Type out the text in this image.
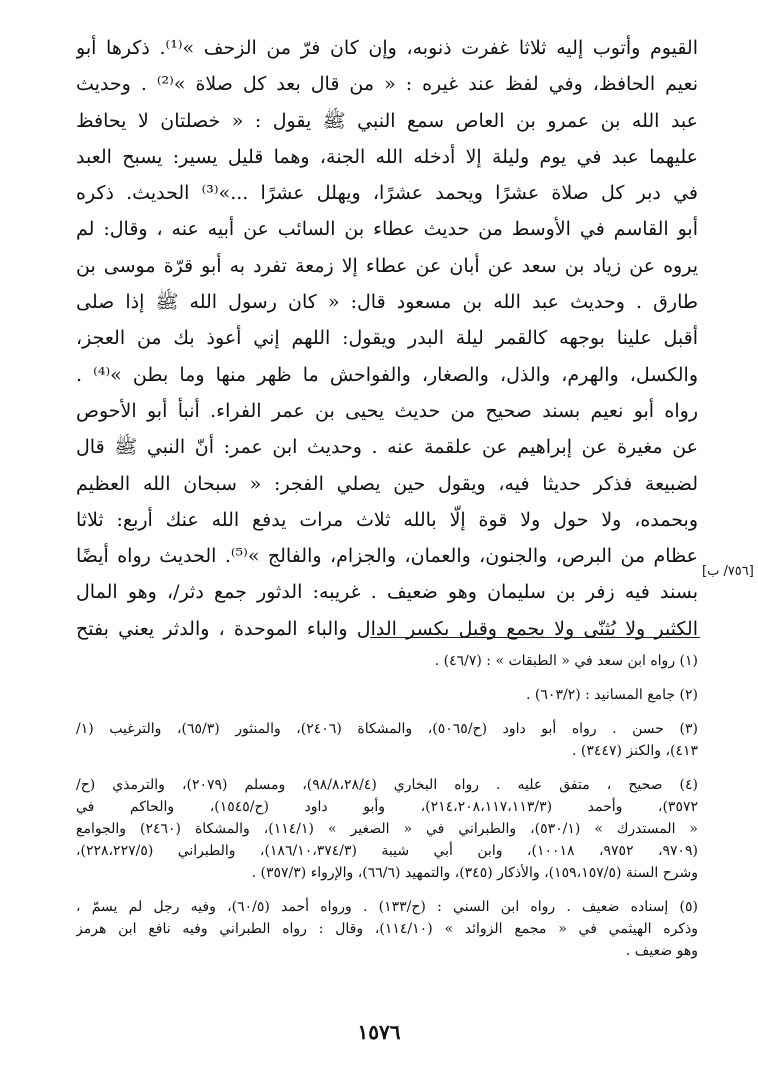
القيوم وأتوب إليه ثلاثا غفرت ذنوبه، وإن كان فرّ من الزحف »⁽¹⁾. ذكرها أبو
نعيم الحافظ، وفي لفظ عند غيره : « من قال بعد كل صلاة »⁽²⁾ . وحديث
عبد الله بن عمرو بن العاص سمع النبي ﷺ يقول : « خصلتان لا يحافظ
عليهما عبد في يوم وليلة إلا أدخله الله الجنة، وهما قليل يسير: يسبح العبد
في دبر كل صلاة عشرًا ويحمد عشرًا، ويهلل عشرًا ...»⁽³⁾ الحديث. ذكره
أبو القاسم في الأوسط من حديث عطاء بن السائب عن أبيه عنه ، وقال: لم
يروه عن زياد بن سعد عن أبان عن عطاء إلا زمعة تفرد به أبو قرّة موسى بن
طارق . وحديث عبد الله بن مسعود قال: « كان رسول الله ﷺ إذا صلى
أقبل علينا بوجهه كالقمر ليلة البدر ويقول: اللهم إني أعوذ بك من العجز،
والكسل، والهرم، والذل، والصغار، والفواحش ما ظهر منها وما بطن »⁽⁴⁾ .
رواه أبو نعيم بسند صحيح من حديث يحيى بن عمر الفراء. أنبأ أبو الأحوص
عن مغيرة عن إبراهيم عن علقمة عنه . وحديث ابن عمر: أنّ النبي ﷺ قال
لضبيعة فذكر حديثا فيه، ويقول حين يصلي الفجر: « سبحان الله العظيم
وبحمده، ولا حول ولا قوة إلّا بالله ثلاث مرات يدفع الله عنك أربع: ثلاثا
عظام من البرص، والجنون، والعمان، والجزام، والفالج »⁽⁵⁾. الحديث رواه أيضًا
بسند فيه زفر بن سليمان وهو ضعيف . غريبه: الدثور جمع دثر/، وهو المال
الكثير ولا يُثنّى ولا يجمع وقيل بكسر الدال والباء الموحدة ، والدثر يعني بفتح
[٧٥٦/ ب]
(١) رواه ابن سعد في « الطبقات » : (٤٦/٧) .
(٢) جامع المسانيد : (٦٠٣/٢) .
(٣) حسن . رواه أبو داود (ح/٥٠٦٥)، والمشكاة (٢٤٠٦)، والمنثور (٦٥/٣)، والترغيب (١/
٤١٣)، والكنز (٣٤٤٧) .
(٤) صحيح ، متفق عليه . رواه البخاري (٩٨/٨،٢٨/٤)، ومسلم (٢٠٧٩)، والترمذي (ح/
٣٥٧٢)، وأحمد (٢١٤،٢٠٨،١١٧،١١٣/٣)، وأبو داود (ح/١٥٤٥)، والحاكم في
« المستدرك » (٥٣٠/١)، والطبراني في « الصغير » (١١٤/١)، والمشكاة (٢٤٦٠) والجوامع
(٩٧٠٩، ٩٧٥٢، ١٠٠١٨)، وابن أبي شيبة (١٨٦/١٠،٣٧٤/٣)، والطبراني (٢٢٨،٢٢٧/٥)،
وشرح السنة (١٥٩،١٥٧/٥)، والأذكار (٣٤٥)، والتمهيد (٦٦/٦)، والإرواء (٣٥٧/٣) .
(٥) إسناده ضعيف . رواه ابن السني : (ح/١٣٣) . ورواه أحمد (٦٠/٥)، وفيه رجل لم يسمّ ،
وذكره الهيثمي في « مجمع الزوائد » (١١٤/١٠)، وقال : رواه الطبراني وفيه نافع ابن هرمز
وهو ضعيف .
١٥٧٦
